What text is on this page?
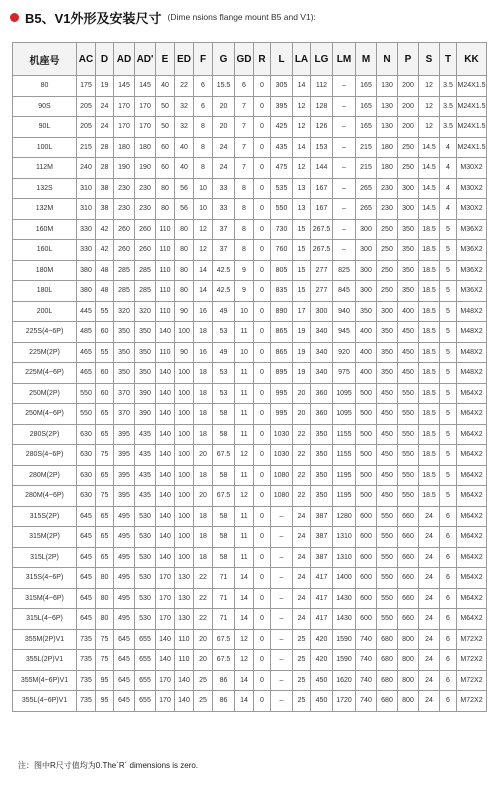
B5、V1外形及安装尺寸 (Dime nsions flange mount B5 and V1):
机座号	AC	D	AD	AD'	E	ED	F	G	GD	R	L	LA	LG	LM	M	N	P	S	T	KK
80	175	19	145	145	40	22	6	15.5	6	0	305	14	112	–	165	130	200	12	3.5	M24X1.5
90S	205	24	170	170	50	32	6	20	7	0	395	12	128	–	165	130	200	12	3.5	M24X1.5
90L	205	24	170	170	50	32	8	20	7	0	425	12	126	–	165	130	200	12	3.5	M24X1.5
100L	215	28	180	180	60	40	8	24	7	0	435	14	153	–	215	180	250	14.5	4	M24X1.5
112M	240	28	190	190	60	40	8	24	7	0	475	12	144	–	215	180	250	14.5	4	M30X2
132S	310	38	230	230	80	56	10	33	8	0	535	13	167	–	265	230	300	14.5	4	M30X2
132M	310	38	230	230	80	56	10	33	8	0	550	13	167	–	265	230	300	14.5	4	M30X2
160M	330	42	260	260	110	80	12	37	8	0	730	15	267.5	–	300	250	350	18.5	5	M36X2
160L	330	42	260	260	110	80	12	37	8	0	760	15	267.5	–	300	250	350	18.5	5	M36X2
180M	380	48	285	285	110	80	14	42.5	9	0	805	15	277	825	300	250	350	18.5	5	M36X2
180L	380	48	285	285	110	80	14	42.5	9	0	835	15	277	845	300	250	350	18.5	5	M36X2
200L	445	55	320	320	110	90	16	49	10	0	890	17	300	940	350	300	400	18.5	5	M48X2
225S(4~6P)	485	60	350	350	140	100	18	53	11	0	865	19	340	945	400	350	450	18.5	5	M48X2
225M(2P)	465	55	350	350	110	90	16	49	10	0	865	19	340	920	400	350	450	18.5	5	M48X2
225M(4~6P)	465	60	350	350	140	100	18	53	11	0	895	19	340	975	400	350	450	18.5	5	M48X2
250M(2P)	550	60	370	390	140	100	18	53	11	0	995	20	360	1095	500	450	550	18.5	5	M64X2
250M(4~6P)	550	65	370	390	140	100	18	58	11	0	995	20	360	1095	500	450	550	18.5	5	M64X2
280S(2P)	630	65	395	435	140	100	18	58	11	0	1030	22	350	1155	500	450	550	18.5	5	M64X2
280S(4~6P)	630	75	395	435	140	100	20	67.5	12	0	1030	22	350	1155	500	450	550	18.5	5	M64X2
280M(2P)	630	65	395	435	140	100	18	58	11	0	1080	22	350	1195	500	450	550	18.5	5	M64X2
280M(4~6P)	630	75	395	435	140	100	20	67.5	12	0	1080	22	350	1195	500	450	550	18.5	5	M64X2
315S(2P)	645	65	495	530	140	100	18	58	11	0	–	24	387	1280	600	550	660	24	6	M64X2
315M(2P)	645	65	495	530	140	100	18	58	11	0	–	24	387	1310	600	550	660	24	6	M64X2
315L(2P)	645	65	495	530	140	100	18	58	11	0	–	24	387	1310	600	550	660	24	6	M64X2
315S(4~6P)	645	80	495	530	170	130	22	71	14	0	–	24	417	1400	600	550	660	24	6	M64X2
315M(4~6P)	645	80	495	530	170	130	22	71	14	0	–	24	417	1430	600	550	660	24	6	M64X2
315L(4~6P)	645	80	495	530	170	130	22	71	14	0	–	24	417	1430	600	550	660	24	6	M64X2
355M(2P)V1	735	75	645	655	140	110	20	67.5	12	0	–	25	420	1590	740	680	800	24	6	M72X2
355L(2P)V1	735	75	645	655	140	110	20	67.5	12	0	–	25	420	1590	740	680	800	24	6	M72X2
355M(4~6P)V1	735	95	645	655	170	140	25	86	14	0	–	25	450	1620	740	680	800	24	6	M72X2
355L(4~6P)V1	735	95	645	655	170	140	25	86	14	0	–	25	450	1720	740	680	800	24	6	M72X2
注：图中R尺寸值均为0.The`R´ dimensions is zero.
